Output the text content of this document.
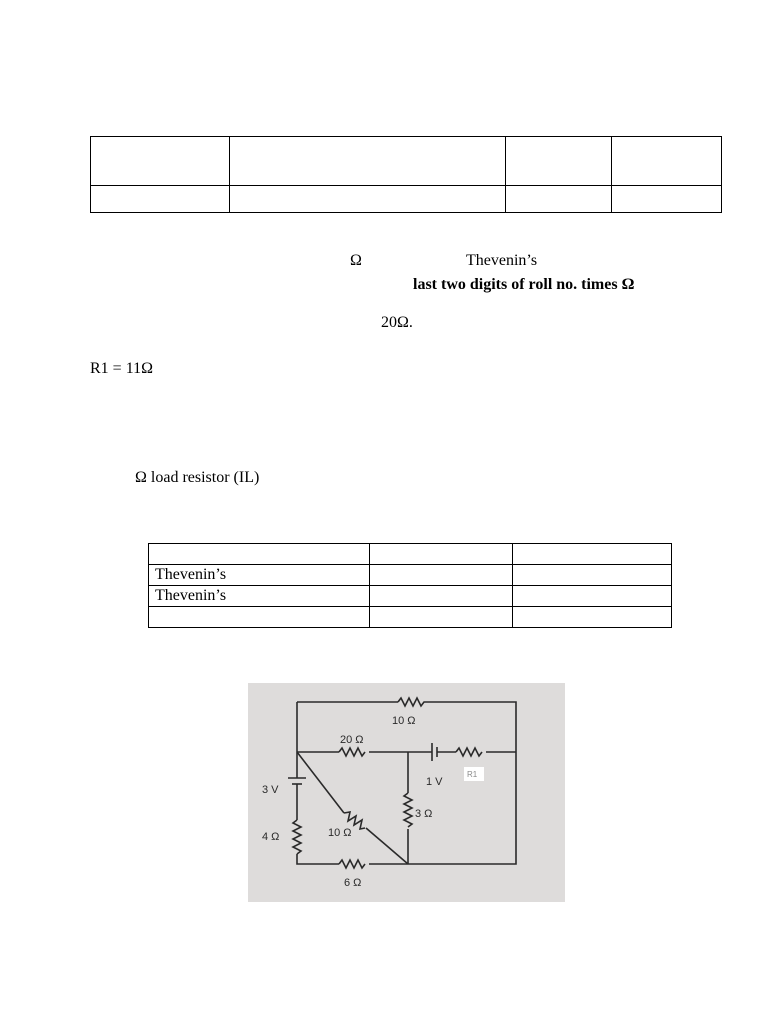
Ω	Thevenin’s
last two digits of roll no. times Ω
20Ω.
R1 = 11Ω
Ω load resistor (IL)

Thevenin’s		
Thevenin’s		

10 Ω
20 Ω
3 V
1 V
3 Ω
4 Ω	10 Ω
6 Ω
R1
